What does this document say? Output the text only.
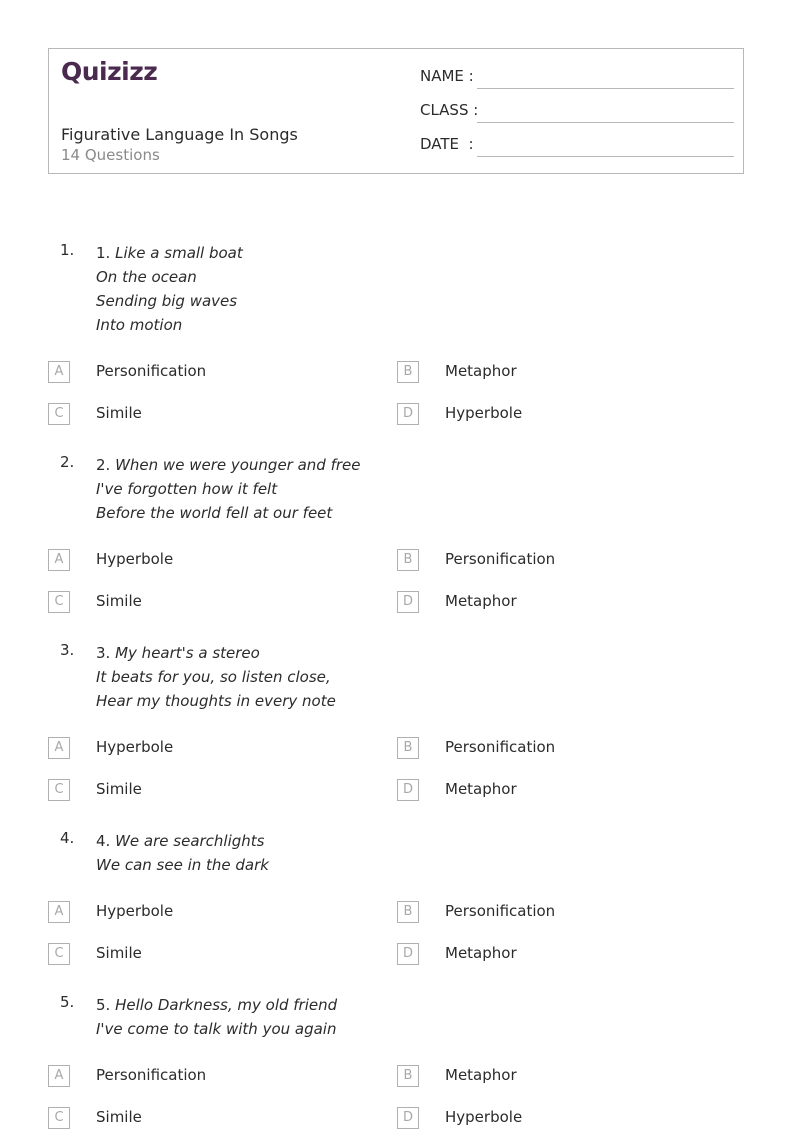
Quizizz
Figurative Language In Songs
14 Questions
NAME :
CLASS :
DATE  :
1. 1. Like a small boat
On the ocean
Sending big waves
Into motion
A	Personification	B	Metaphor
C	Simile	D	Hyperbole
2. 2. When we were younger and free
I've forgotten how it felt
Before the world fell at our feet
A	Hyperbole	B	Personification
C	Simile	D	Metaphor
3. 3. My heart's a stereo
It beats for you, so listen close,
Hear my thoughts in every note
A	Hyperbole	B	Personification
C	Simile	D	Metaphor
4. 4. We are searchlights
We can see in the dark
A	Hyperbole	B	Personification
C	Simile	D	Metaphor
5. 5. Hello Darkness, my old friend
I've come to talk with you again
A	Personification	B	Metaphor
C	Simile	D	Hyperbole
